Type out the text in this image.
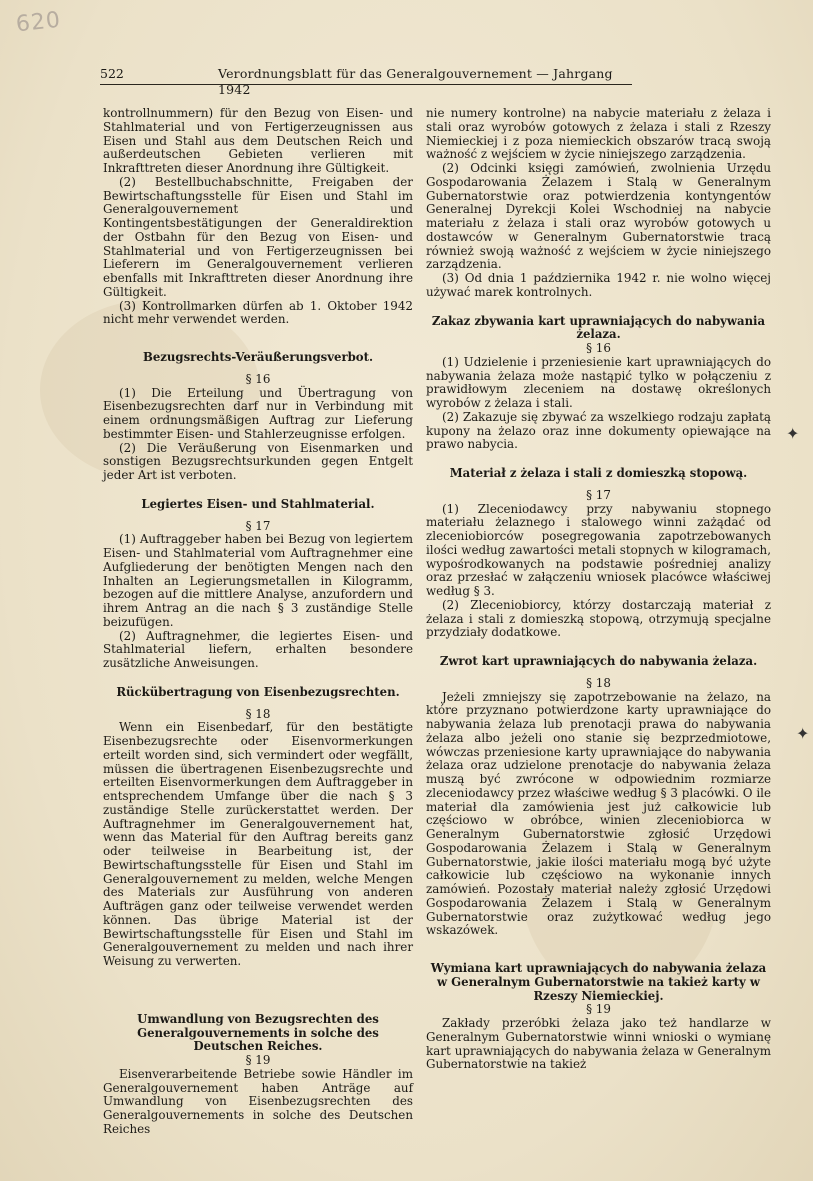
620
522	Verordnungsblatt für das Generalgouvernement — Jahrgang 1942
✦
✦

kontrollnummern) für den Bezug von Eisen- und Stahlmaterial und von Fertigerzeugnissen aus Eisen und Stahl aus dem Deutschen Reich und außerdeutschen Gebieten verlieren mit Inkrafttreten dieser Anordnung ihre Gültigkeit.

(2) Bestellbuchabschnitte, Freigaben der Bewirtschaftungsstelle für Eisen und Stahl im Generalgouvernement und Kontingentsbestätigungen der Generaldirektion der Ostbahn für den Bezug von Eisen- und Stahlmaterial und von Fertigerzeugnissen bei Lieferern im Generalgouvernement verlieren ebenfalls mit Inkrafttreten dieser Anordnung ihre Gültigkeit.

(3) Kontrollmarken dürfen ab 1. Oktober 1942 nicht mehr verwendet werden.

Bezugsrechts-Veräußerungsverbot.

§ 16

(1) Die Erteilung und Übertragung von Eisenbezugsrechten darf nur in Verbindung mit einem ordnungsmäßigen Auftrag zur Lieferung bestimmter Eisen- und Stahlerzeugnisse erfolgen.

(2) Die Veräußerung von Eisenmarken und sonstigen Bezugsrechtsurkunden gegen Entgelt jeder Art ist verboten.

Legiertes Eisen- und Stahlmaterial.

§ 17

(1) Auftraggeber haben bei Bezug von legiertem Eisen- und Stahlmaterial vom Auftragnehmer eine Aufgliederung der benötigten Mengen nach den Inhalten an Legierungsmetallen in Kilogramm, bezogen auf die mittlere Analyse, anzufordern und ihrem Antrag an die nach § 3 zuständige Stelle beizufügen.

(2) Auftragnehmer, die legiertes Eisen- und Stahlmaterial liefern, erhalten besondere zusätzliche Anweisungen.

Rückübertragung von Eisenbezugsrechten.

§ 18

Wenn ein Eisenbedarf, für den bestätigte Eisenbezugsrechte oder Eisenvormerkungen erteilt worden sind, sich vermindert oder wegfällt, müssen die übertragenen Eisenbezugsrechte und erteilten Eisenvormerkungen dem Auftraggeber in entsprechendem Umfange über die nach § 3 zuständige Stelle zurückerstattet werden. Der Auftragnehmer im Generalgouvernement hat, wenn das Material für den Auftrag bereits ganz oder teilweise in Bearbeitung ist, der Bewirtschaftungsstelle für Eisen und Stahl im Generalgouvernement zu melden, welche Mengen des Materials zur Ausführung von anderen Aufträgen ganz oder teilweise verwendet werden können. Das übrige Material ist der Bewirtschaftungsstelle für Eisen und Stahl im Generalgouvernement zu melden und nach ihrer Weisung zu verwerten.

Umwandlung von Bezugsrechten des Generalgouvernements in solche des Deutschen Reiches.

§ 19

Eisenverarbeitende Betriebe sowie Händler im Generalgouvernement haben Anträge auf Umwandlung von Eisenbezugsrechten des Generalgouvernements in solche des Deutschen Reiches

nie numery kontrolne) na nabycie materiału z żelaza i stali oraz wyrobów gotowych z żelaza i stali z Rzeszy Niemieckiej i z poza niemieckich obszarów tracą swoją ważność z wejściem w życie niniejszego zarządzenia.

(2) Odcinki księgi zamówień, zwolnienia Urzędu Gospodarowania Żelazem i Stalą w Generalnym Gubernatorstwie oraz potwierdzenia kontyngentów Generalnej Dyrekcji Kolei Wschodniej na nabycie materiału z żelaza i stali oraz wyrobów gotowych u dostawców w Generalnym Gubernatorstwie tracą również swoją ważność z wejściem w życie niniejszego zarządzenia.

(3) Od dnia 1 października 1942 r. nie wolno więcej używać marek kontrolnych.

Zakaz zbywania kart uprawniających do nabywania żelaza.

§ 16

(1) Udzielenie i przeniesienie kart uprawniających do nabywania żelaza może nastąpić tylko w połączeniu z prawidłowym zleceniem na dostawę określonych wyrobów z żelaza i stali.

(2) Zakazuje się zbywać za wszelkiego rodzaju zapłatą kupony na żelazo oraz inne dokumenty opiewające na prawo nabycia.

Materiał z żelaza i stali z domieszką stopową.

§ 17

(1) Zleceniodawcy przy nabywaniu stopnego materiału żelaznego i stalowego winni zażądać od zleceniobiorców posegregowania zapotrzebowanych ilości według zawartości metali stopnych w kilogramach, wypośrodkowanych na podstawie pośredniej analizy oraz przesłać w załączeniu wniosek placówce właściwej według § 3.

(2) Zleceniobiorcy, którzy dostarczają materiał z żelaza i stali z domieszką stopową, otrzymują specjalne przydziały dodatkowe.

Zwrot kart uprawniających do nabywania żelaza.

§ 18

Jeżeli zmniejszy się zapotrzebowanie na żelazo, na które przyznano potwierdzone karty uprawniające do nabywania żelaza lub prenotacji prawa do nabywania żelaza albo jeżeli ono stanie się bezprzedmiotowe, wówczas przeniesione karty uprawniające do nabywania żelaza oraz udzielone prenotacje do nabywania żelaza muszą być zwrócone w odpowiednim rozmiarze zleceniodawcy przez właściwe według § 3 placówki. O ile materiał dla zamówienia jest już całkowicie lub częściowo w obróbce, winien zleceniobiorca w Generalnym Gubernatorstwie zgłosić Urzędowi Gospodarowania Żelazem i Stalą w Generalnym Gubernatorstwie, jakie ilości materiału mogą być użyte całkowicie lub częściowo na wykonanie innych zamówień. Pozostały materiał należy zgłosić Urzędowi Gospodarowania Żelazem i Stalą w Generalnym Gubernatorstwie oraz zużytkować według jego wskazówek.

Wymiana kart uprawniających do nabywania żelaza w Generalnym Gubernatorstwie na takież karty w Rzeszy Niemieckiej.

§ 19

Zakłady przeróbki żelaza jako też handlarze w Generalnym Gubernatorstwie winni wnioski o wymianę kart uprawniających do nabywania żelaza w Generalnym Gubernatorstwie na takież
